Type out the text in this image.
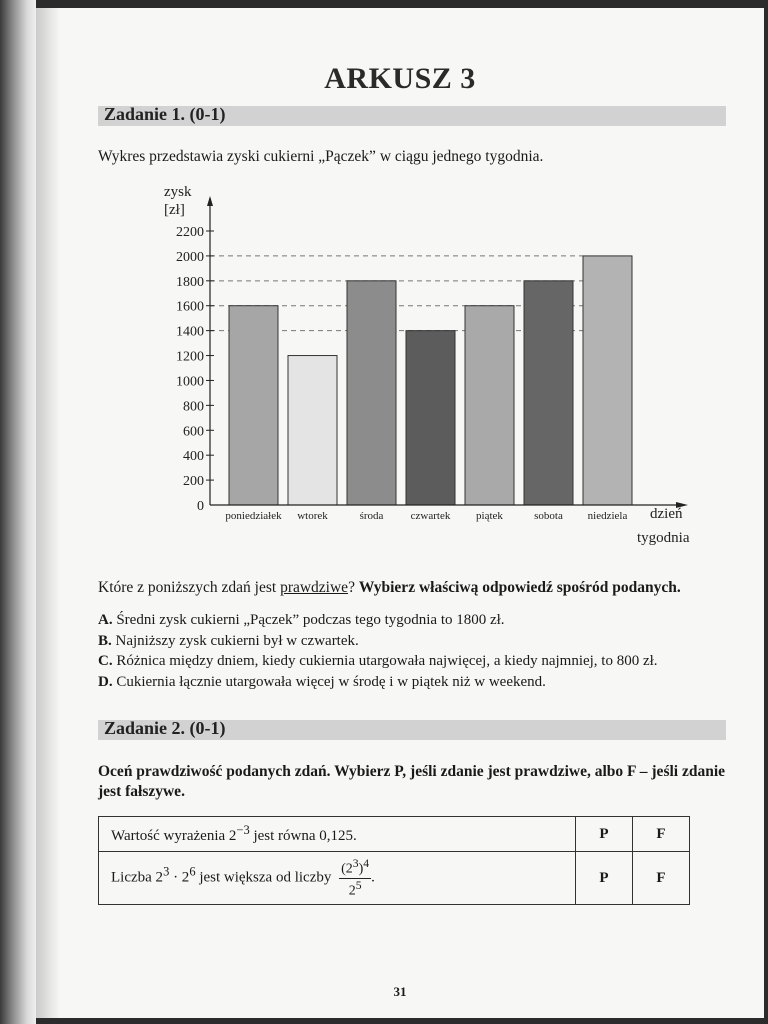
ARKUSZ 3
Zadanie 1. (0-1)
Wykres przedstawia zyski cukierni „Pączek” w ciągu jednego tygodnia.
0
200
400
600
800
1000
1200
1400
1600
1800
2000
2200
poniedziałek wtorek	środa czwartek piątek	sobota niedziela
zysk
[zł]
dzień
tygodnia
Które z poniższych zdań jest prawdziwe? Wybierz właściwą odpowiedź spośród podanych.
A. Średni zysk cukierni „Pączek” podczas tego tygodnia to 1800 zł.
B. Najniższy zysk cukierni był w czwartek.
C. Różnica między dniem, kiedy cukiernia utargowała najwięcej, a kiedy najmniej, to 800 zł.
D. Cukiernia łącznie utargowała więcej w środę i w piątek niż w weekend.
Zadanie 2. (0-1)
Oceń prawdziwość podanych zdań. Wybierz P, jeśli zdanie jest prawdziwe, albo F – jeśli zdanie jest fałszywe.
Wartość wyrażenia $2^{-3}$ jest równa 0,125.	P	F
Liczba $2^3 \cdot 2^6$ jest większa od liczby $\frac{(2^3)^4}{2^5}$ .	P	F
31
